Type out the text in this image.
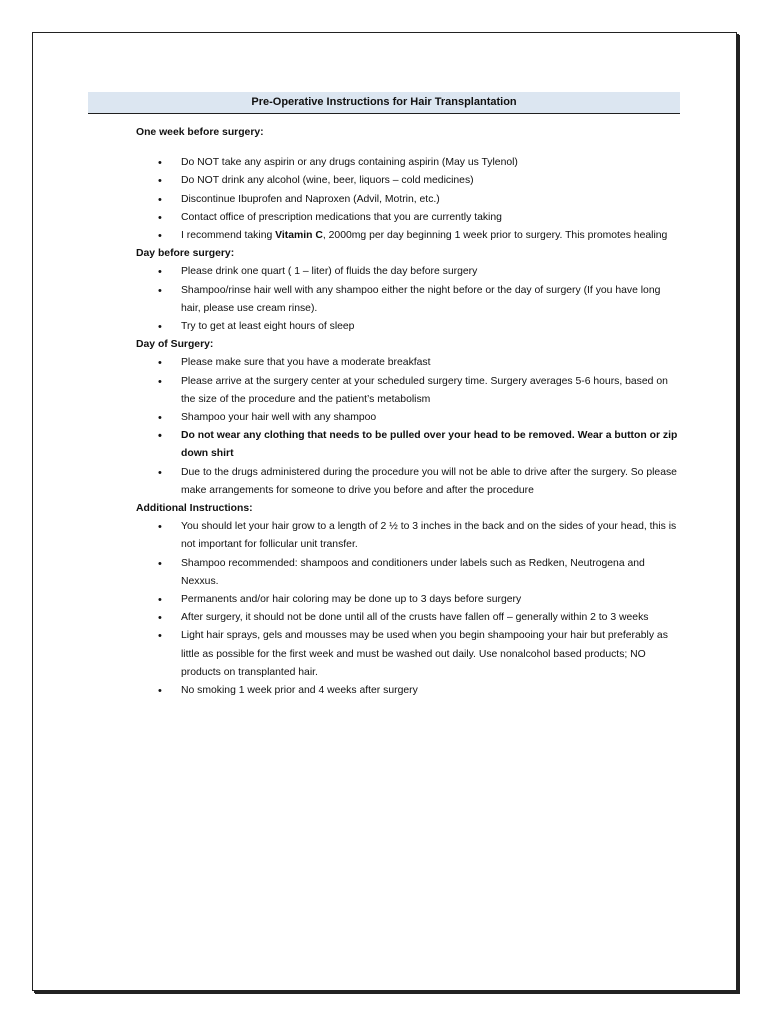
Pre-Operative Instructions for Hair Transplantation

One week before surgery:

• Do NOT take any aspirin or any drugs containing aspirin (May us Tylenol)
• Do NOT drink any alcohol (wine, beer, liquors – cold medicines)
• Discontinue Ibuprofen and Naproxen (Advil, Motrin, etc.)
• Contact office of prescription medications that you are currently taking
• I recommend taking Vitamin C, 2000mg per day beginning 1 week prior to surgery. This promotes healing

Day before surgery:

• Please drink one quart ( 1 – liter) of fluids the day before surgery
• Shampoo/rinse hair well with any shampoo either the night before or the day of surgery (If you have long hair, please use cream rinse).
• Try to get at least eight hours of sleep

Day of Surgery:

• Please make sure that you have a moderate breakfast
• Please arrive at the surgery center at your scheduled surgery time. Surgery averages 5-6 hours, based on the size of the procedure and the patient’s metabolism
• Shampoo your hair well with any shampoo
• Do not wear any clothing that needs to be pulled over your head to be removed. Wear a button or zip down shirt
• Due to the drugs administered during the procedure you will not be able to drive after the surgery. So please make arrangements for someone to drive you before and after the procedure

Additional Instructions:

• You should let your hair grow to a length of 2 ½ to 3 inches in the back and on the sides of your head, this is not important for follicular unit transfer.
• Shampoo recommended: shampoos and conditioners under labels such as Redken, Neutrogena and Nexxus.
• Permanents and/or hair coloring may be done up to 3 days before surgery
• After surgery, it should not be done until all of the crusts have fallen off – generally within 2 to 3 weeks
• Light hair sprays, gels and mousses may be used when you begin shampooing your hair but preferably as little as possible for the first week and must be washed out daily. Use nonalcohol based products; NO products on transplanted hair.
• No smoking 1 week prior and 4 weeks after surgery
